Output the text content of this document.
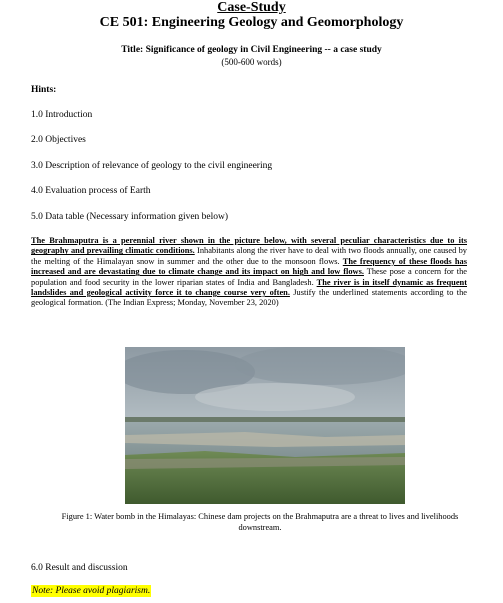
Case-Study
CE 501: Engineering Geology and Geomorphology
Title: Significance of geology in Civil Engineering -- a case study
(500-600 words)
Hints:
1.0 Introduction
2.0 Objectives
3.0 Description of relevance of geology to the civil engineering
4.0 Evaluation process of Earth
5.0 Data table (Necessary information given below)
The Brahmaputra is a perennial river shown in the picture below, with several peculiar characteristics due to its geography and prevailing climatic conditions. Inhabitants along the river have to deal with two floods annually, one caused by the melting of the Himalayan snow in summer and the other due to the monsoon flows. The frequency of these floods has increased and are devastating due to climate change and its impact on high and low flows. These pose a concern for the population and food security in the lower riparian states of India and Bangladesh. The river is in itself dynamic as frequent landslides and geological activity force it to change course very often. Justify the underlined statements according to the geological formation. (The Indian Express; Monday, November 23, 2020)
Figure 1: Water bomb in the Himalayas: Chinese dam projects on the Brahmaputra are a threat to lives and livelihoods downstream.
6.0 Result and discussion
Note: Please avoid plagiarism.
